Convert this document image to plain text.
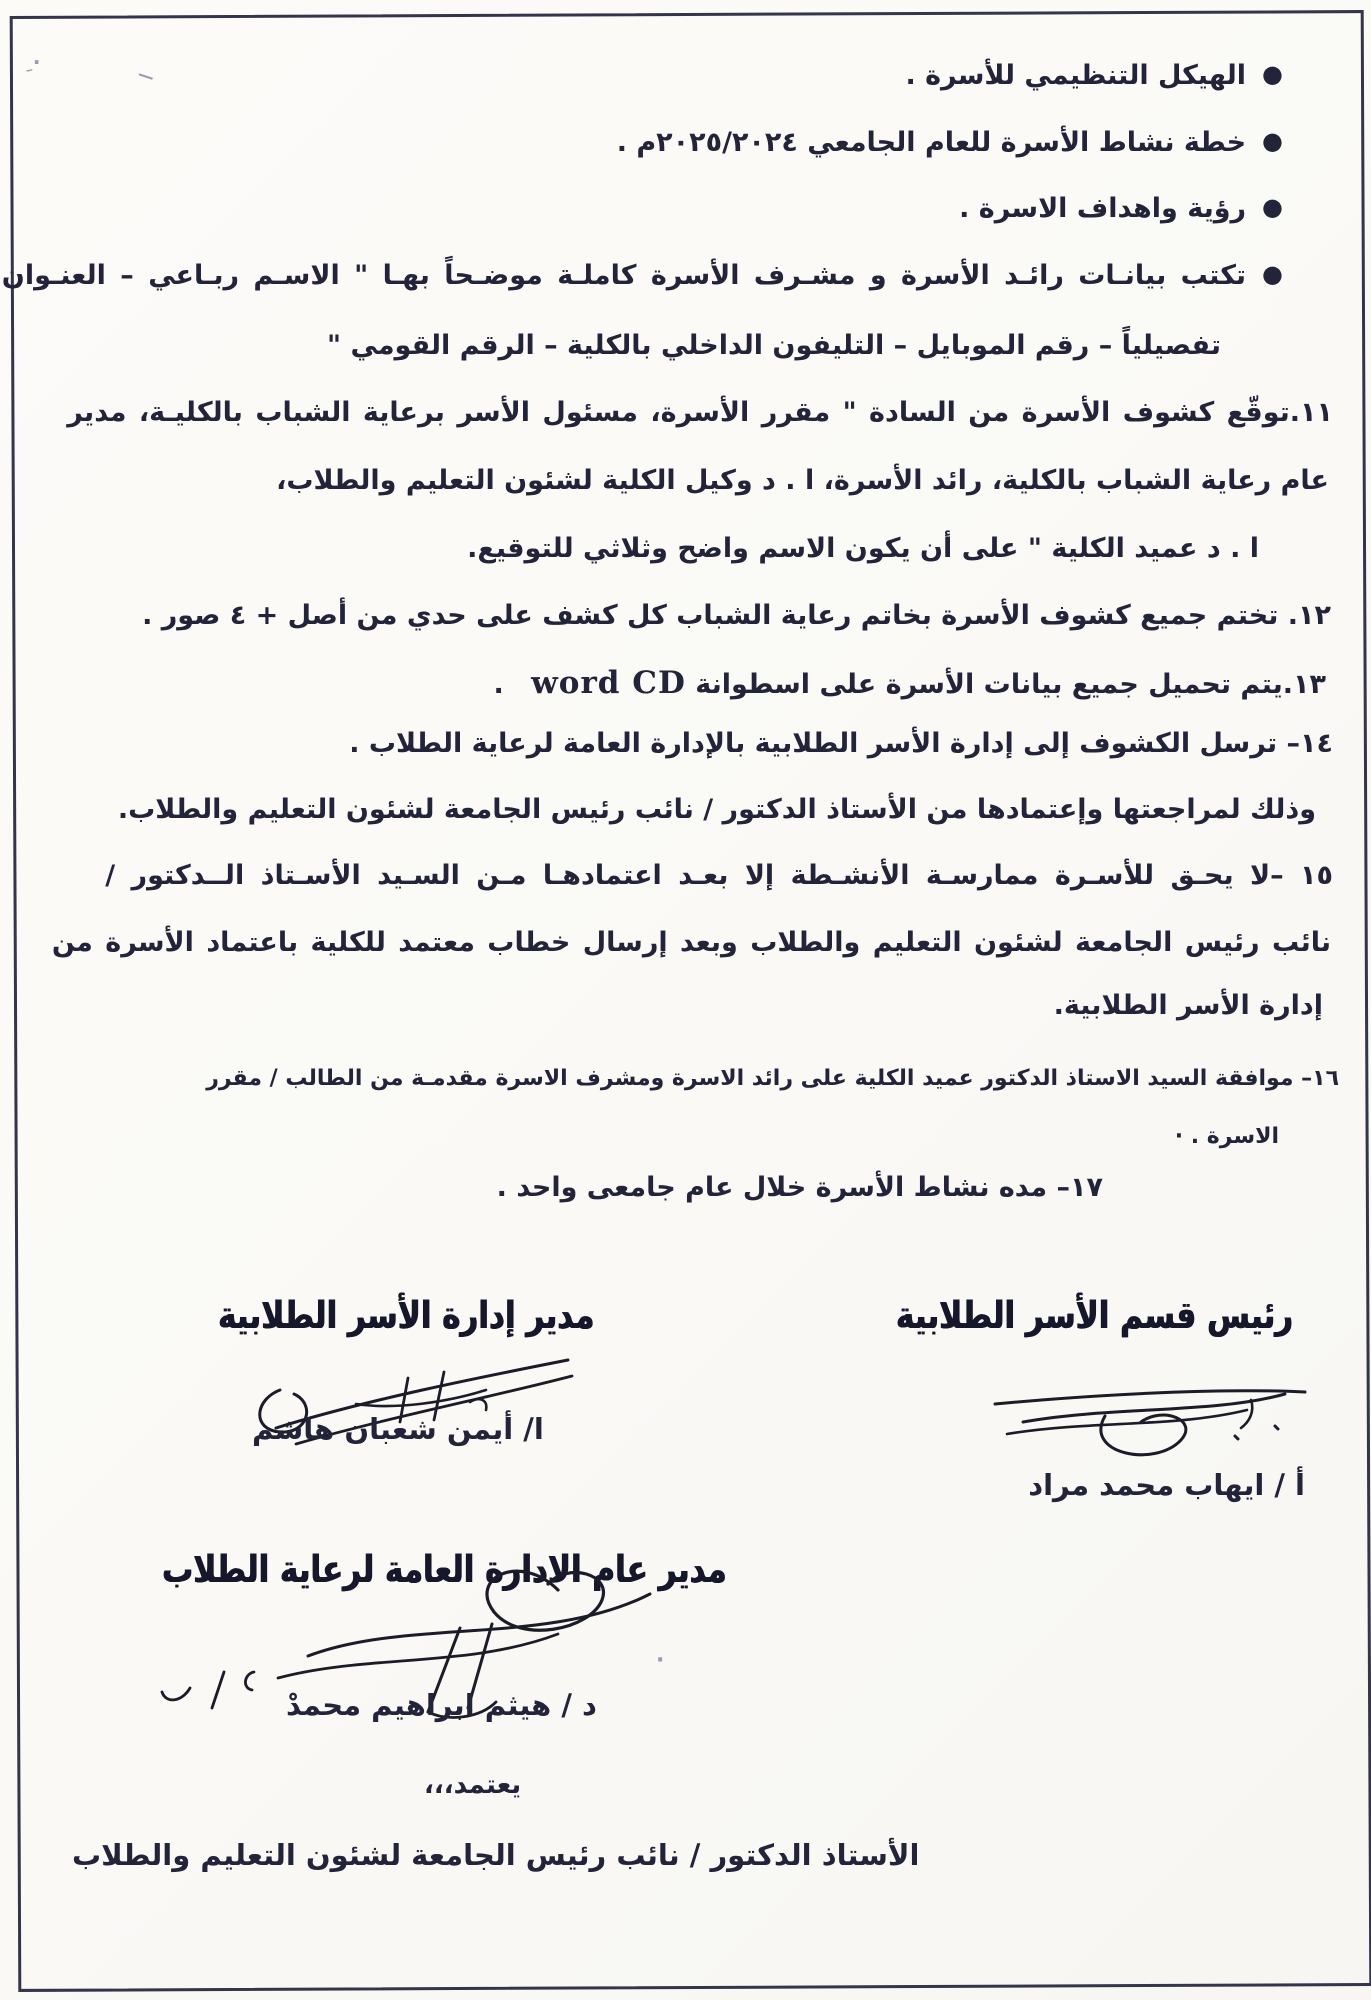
· ِ
—
·
●الهيكل التنظيمي للأسرة .
●خطة نشاط الأسرة للعام الجامعي ٢٠٢٥/٢٠٢٤م .
●رؤية واهداف الاسرة .
●تكتب بيانـات رائـد الأسرة و مشـرف الأسرة كاملـة موضـحاً بهـا " الاسـم ربـاعي – العنـوان
تفصيلياً – رقم الموبايل – التليفون الداخلي بالكلية – الرقم القومي "
١١.توقّع كشوف الأسرة من السادة " مقرر الأسرة، مسئول الأسر برعاية الشباب بالكليـة، مدير
عام رعاية الشباب بالكلية، رائد الأسرة، ا . د وكيل الكلية لشئون التعليم والطلاب،
ا . د عميد الكلية " على أن يكون الاسم واضح وثلاثي للتوقيع.
١٢. تختم جميع كشوف الأسرة بخاتم رعاية الشباب كل كشف على حدي من أصل + ٤ صور .
١٣.يتم تحميل جميع بيانات الأسرة على اسطوانة word CD .
١٤– ترسل الكشوف إلى إدارة الأسر الطلابية بالإدارة العامة لرعاية الطلاب .
وذلك لمراجعتها وإعتمادها من الأستاذ الدكتور / نائب رئيس الجامعة لشئون التعليم والطلاب.
١٥ –لا يحـق للأسـرة ممارسـة الأنشـطة إلا بعـد اعتمادهـا مـن السـيد الأسـتاذ الــدكتور /
نائب رئيس الجامعة لشئون التعليم والطلاب وبعد إرسال خطاب معتمد للكلية باعتماد الأسرة من
إدارة الأسر الطلابية.
١٦– موافقة السيد الاستاذ الدكتور عميد الكلية على رائد الاسرة ومشرف الاسرة مقدمـة من الطالب / مقرر
الاسرة . ·
١٧– مده نشاط الأسرة خلال عام جامعى واحد .
رئيس قسم الأسر الطلابية
أ / ايهاب محمد مراد
مدير إدارة الأسر الطلابية
ا/ أيمن شعبان هاشم
مدير عام الادارة العامة لرعاية الطلاب
د / هيثم ابراهيم محمدْ
يعتمد،،،
الأستاذ الدكتور / نائب رئيس الجامعة لشئون التعليم والطلاب
